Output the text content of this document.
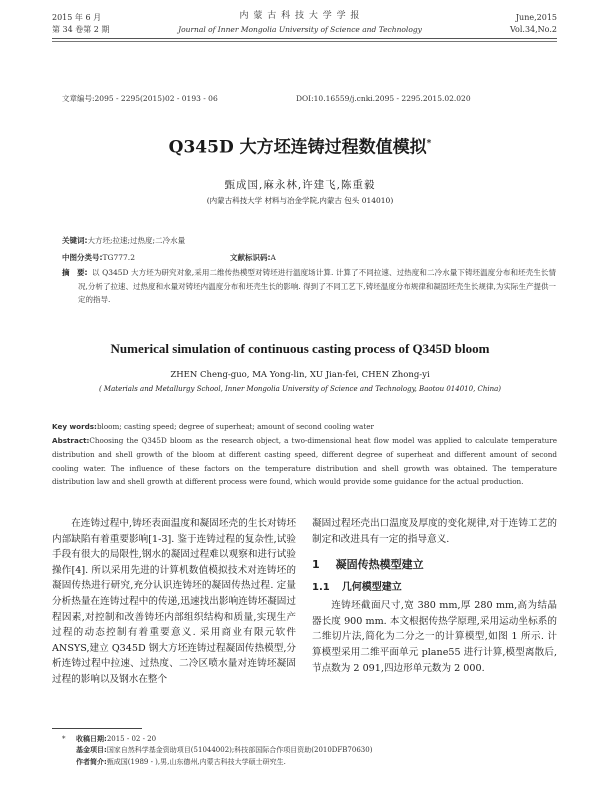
2015 年 6 月
第 34 卷第 2 期
内 蒙 古 科 技 大 学 学 报
Journal of Inner Mongolia University of Science and Technology
June,2015
Vol.34,No.2
文章编号:2095 - 2295(2015)02 - 0193 - 06	DOI:10.16559/j.cnki.2095 - 2295.2015.02.020
Q345D 大方坯连铸过程数值模拟*
甄成国,麻永林,许建飞,陈重毅
(内蒙古科技大学 材料与冶金学院,内蒙古 包头 014010)
关键词:大方坯;拉速;过热度;二冷水量
中图分类号:TG777.2	文献标识码:A
摘　要: 以 Q345D 大方坯为研究对象,采用二维传热模型对铸坯进行温度场计算. 计算了不同拉速、过热度和二冷水量下铸坯温度分布和坯壳生长情况,分析了拉速、过热度和水量对铸坯内温度分布和坯壳生长的影响. 得到了不同工艺下,铸坯温度分布规律和凝固坯壳生长规律,为实际生产提供一定的指导.
Numerical simulation of continuous casting process of Q345D bloom
ZHEN Cheng-guo, MA Yong-lin, XU Jian-fei, CHEN Zhong-yi
( Materials and Metallurgy School, Inner Mongolia University of Science and Technology, Baotou 014010, China)
Key words:bloom; casting speed; degree of superheat; amount of second cooling water
Abstract:Choosing the Q345D bloom as the research object, a two-dimensional heat flow model was applied to calculate temperature distribution and shell growth of the bloom at different casting speed, different degree of superheat and different amount of second cooling water. The influence of these factors on the temperature distribution and shell growth was obtained. The temperature distribution law and shell growth at different process were found, which would provide some guidance for the actual production.

在连铸过程中,铸坯表面温度和凝固坯壳的生长对铸坯内部缺陷有着重要影响[1-3]. 鉴于连铸过程的复杂性,试验手段有很大的局限性,钢水的凝固过程难以观察和进行试验操作[4]. 所以采用先进的计算机数值模拟技术对连铸坯的凝固传热进行研究,充分认识连铸坯的凝固传热过程. 定量分析热量在连铸过程中的传递,迅速找出影响连铸坯凝固过程因素,对控制和改善铸坯内部组织结构和质量,实现生产过程的动态控制有着重要意义. 采用商业有限元软件 ANSYS,建立 Q345D 钢大方坯连铸过程凝固传热模型,分析连铸过程中拉速、过热度、二冷区喷水量对连铸坯凝固过程的影响以及钢水在整个

凝固过程坯壳出口温度及厚度的变化规律,对于连铸工艺的制定和改进具有一定的指导意义.

1 凝固传热模型建立
1.1 几何模型建立

连铸坯截面尺寸,宽 380 mm,厚 280 mm,高为结晶器长度 900 mm. 本文根据传热学原理,采用运动坐标系的二维切片法,简化为二分之一的计算模型,如图 1 所示. 计算模型采用二维平面单元 plane55 进行计算,模型离散后,节点数为 2 091,四边形单元数为 2 000.

* 收稿日期:2015 - 02 - 20
基金项目:国家自然科学基金资助项目(51044002);科技部国际合作项目资助(2010DFB70630)
作者简介:甄成国(1989 - ),男,山东德州,内蒙古科技大学硕士研究生.
